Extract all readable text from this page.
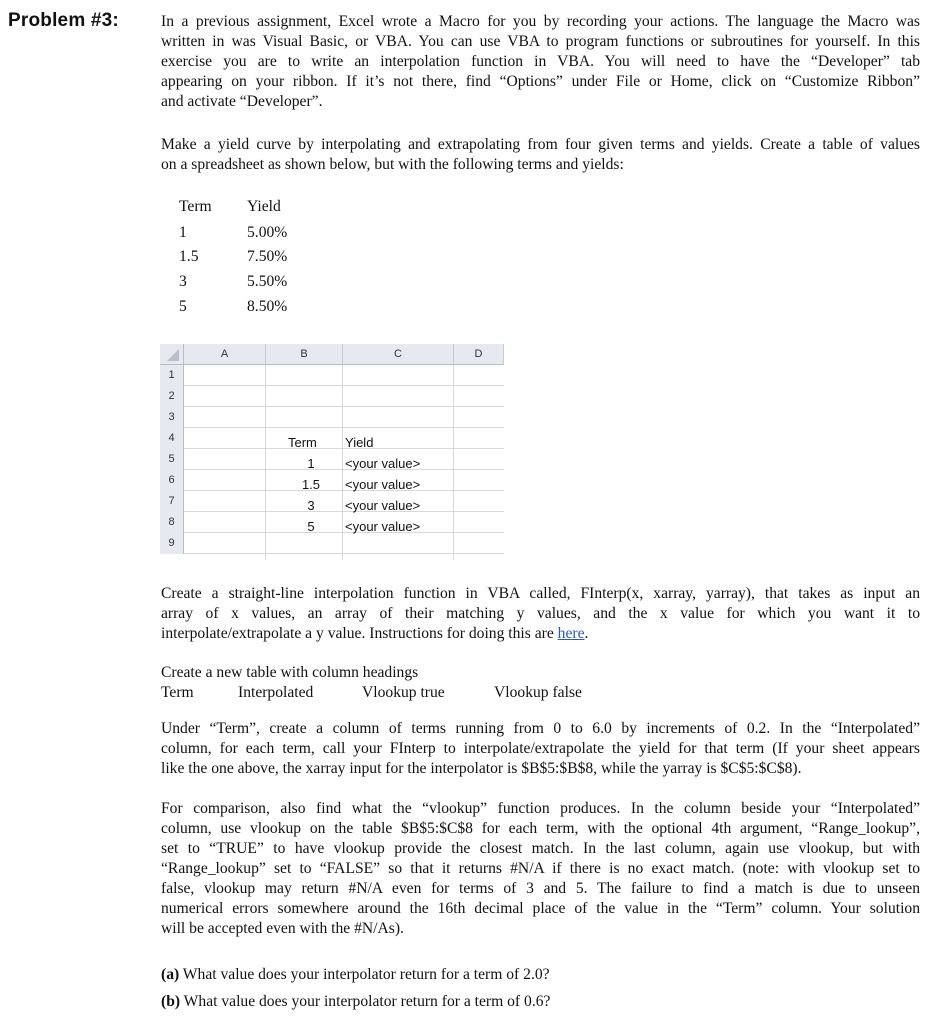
Problem #3:	In a previous assignment, Excel wrote a Macro for you by recording your actions. The language the Macro was
written in was Visual Basic, or VBA. You can use VBA to program functions or subroutines for yourself. In this
exercise you are to write an interpolation function in VBA. You will need to have the “Developer” tab
appearing on your ribbon. If it’s not there, find “Options” under File or Home, click on “Customize Ribbon”
and activate “Developer”.
Make a yield curve by interpolating and extrapolating from four given terms and yields. Create a table of values
on a spreadsheet as shown below, but with the following terms and yields:
Term Yield
1	5.00%
1.5	7.50%
3	5.50%
5	8.50%
A	B	C	D
1
2
3
4
5
6
7
8
9
Term Yield
1	<your value>
1.5	<your value>
3	<your value>
5	<your value>
Create a straight-line interpolation function in VBA called, FInterp(x, xarray, yarray), that takes as input an
array of x values, an array of their matching y values, and the x value for which you want it to
interpolate/extrapolate a y value. Instructions for doing this are here.
Create a new table with column headings
Term	Interpolated	Vlookup true	Vlookup false
Under “Term”, create a column of terms running from 0 to 6.0 by increments of 0.2. In the “Interpolated”
column, for each term, call your FInterp to interpolate/extrapolate the yield for that term (If your sheet appears
like the one above, the xarray input for the interpolator is $B$5:$B$8, while the yarray is $C$5:$C$8).
For comparison, also find what the “vlookup” function produces. In the column beside your “Interpolated”
column, use vlookup on the table $B$5:$C$8 for each term, with the optional 4th argument, “Range_lookup”,
set to “TRUE” to have vlookup provide the closest match. In the last column, again use vlookup, but with
“Range_lookup” set to “FALSE” so that it returns #N/A if there is no exact match. (note: with vlookup set to
false, vlookup may return #N/A even for terms of 3 and 5. The failure to find a match is due to unseen
numerical errors somewhere around the 16th decimal place of the value in the “Term” column. Your solution
will be accepted even with the #N/As).
(a) What value does your interpolator return for a term of 2.0?
(b) What value does your interpolator return for a term of 0.6?
